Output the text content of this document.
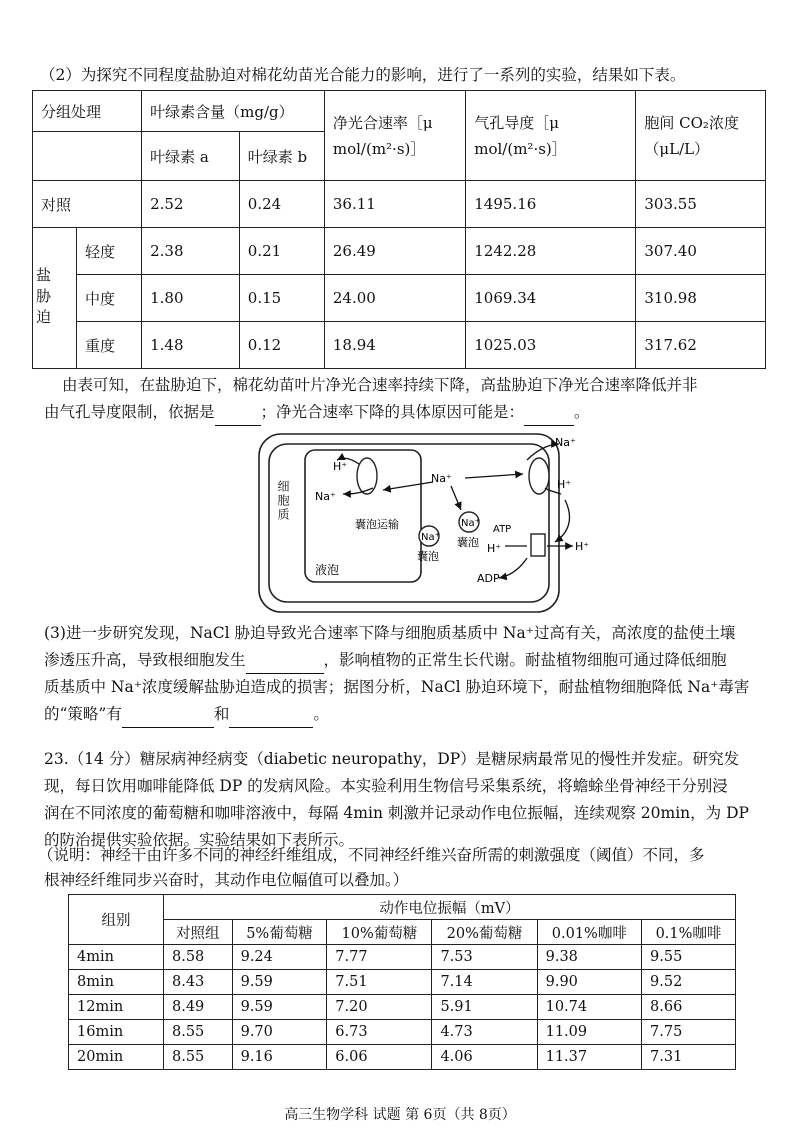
（2）为探究不同程度盐胁迫对棉花幼苗光合能力的影响，进行了一系列的实验，结果如下表。
分组处理		叶绿素含量（mg/g）		净光合速率［μ mol/(m²·s)］	气孔导度［μ mol/(m²·s)］	胞间 CO₂浓度（μL/L）
		叶绿素 a	叶绿素 b			
对照		2.52	0.24	36.11	1495.16	303.55

盐胁迫	轻度	2.38	0.21	26.49	1242.28	307.40
	中度	1.80	0.15	24.00	1069.34	310.98
	重度	1.48	0.12	18.94	1025.03	317.62
由表可知，在盐胁迫下，棉花幼苗叶片净光合速率持续下降，高盐胁迫下净光合速率降低并非
由气孔导度限制，依据是	；净光合速率下降的具体原因可能是：	。
H⁺
Na⁺
Na⁺
Na⁺
H⁺
囊泡运输
Na⁺
Na⁺
囊泡
囊泡
ATP
H⁺	H⁺
ADP
液泡
细胞质
(3)进一步研究发现，NaCl 胁迫导致光合速率下降与细胞质基质中 Na⁺过高有关，高浓度的盐使土壤
渗透压升高，导致根细胞发生	，影响植物的正常生长代谢。耐盐植物细胞可通过降低细胞
质基质中 Na⁺浓度缓解盐胁迫造成的损害；据图分析，NaCl 胁迫环境下，耐盐植物细胞降低 Na⁺毒害
的“策略”有	和	。
23.（14 分）糖尿病神经病变（diabetic neuropathy，DP）是糖尿病最常见的慢性并发症。研究发
现，每日饮用咖啡能降低 DP 的发病风险。本实验利用生物信号采集系统，将蟾蜍坐骨神经干分别浸
润在不同浓度的葡萄糖和咖啡溶液中，每隔 4min 刺激并记录动作电位振幅，连续观察 20min，为 DP
的防治提供实验依据。实验结果如下表所示。
（说明：神经干由许多不同的神经纤维组成，不同神经纤维兴奋所需的刺激强度（阈值）不同，多
根神经纤维同步兴奋时，其动作电位幅值可以叠加。）
组别	动作电位振幅（mV）					
	对照组	5%葡萄糖	10%葡萄糖	20%葡萄糖	0.01%咖啡	0.1%咖啡
4min	8.58	9.24	7.77	7.53	9.38	9.55
8min	8.43	9.59	7.51	7.14	9.90	9.52
12min	8.49	9.59	7.20	5.91	10.74	8.66
16min	8.55	9.70	6.73	4.73	11.09	7.75
20min	8.55	9.16	6.06	4.06	11.37	7.31
高三生物学科 试题 第 6页（共 8页）
